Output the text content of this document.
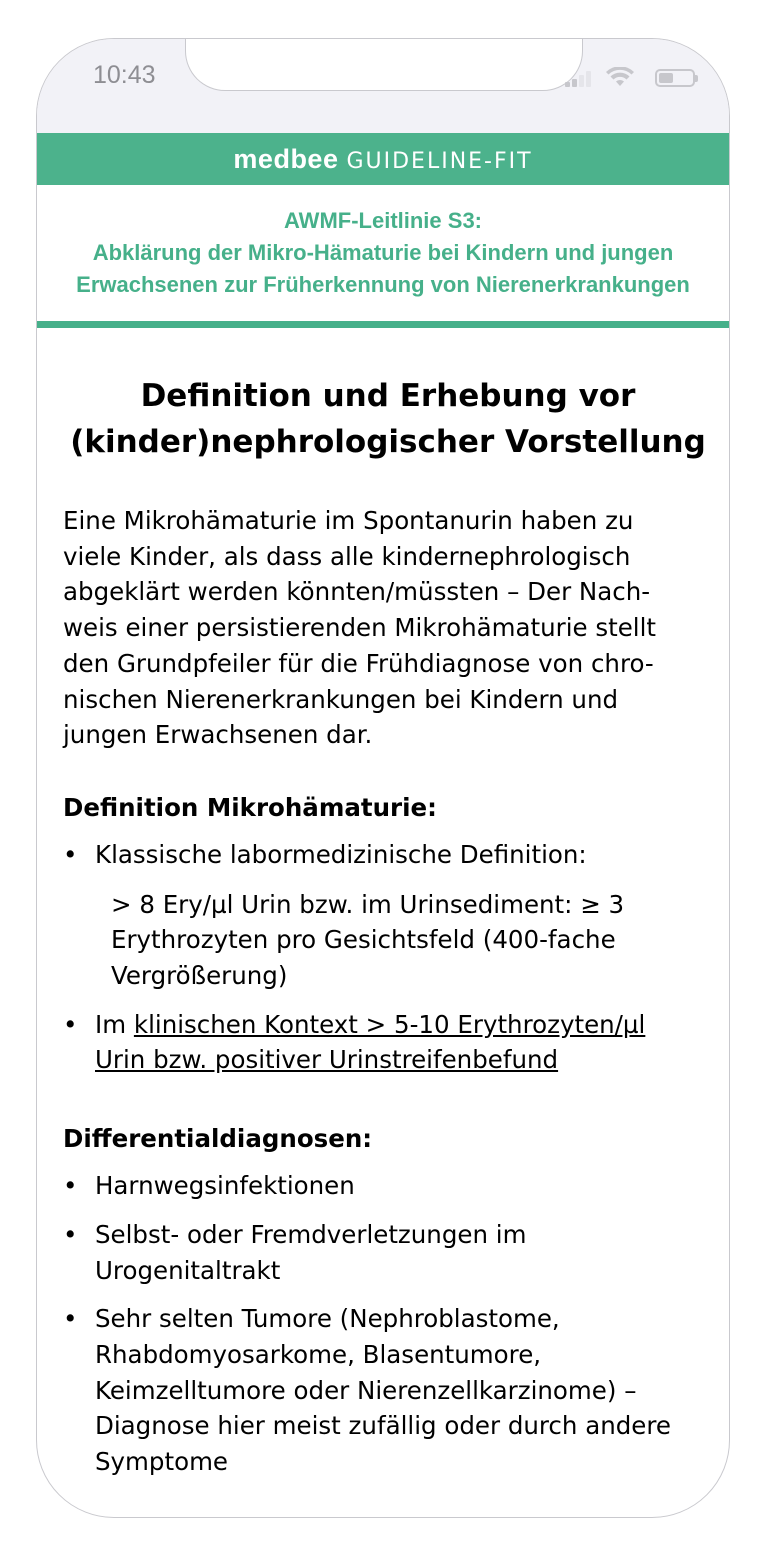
10:43
medbee GUIDELINE-FIT
AWMF-Leitlinie S3:
Abklärung der Mikro-Hämaturie bei Kindern und jungen
Erwachsenen zur Früherkennung von Nierenerkrankungen
Definition und Erhebung vor
(kinder)nephrologischer Vorstellung
Eine Mikrohämaturie im Spontanurin haben zu
viele Kinder, als dass alle kindernephrologisch
abgeklärt werden könnten/müssten – Der Nach-
weis einer persistierenden Mikrohämaturie stellt
den Grundpfeiler für die Frühdiagnose von chro-
nischen Nierenerkrankungen bei Kindern und
jungen Erwachsenen dar.
Definition Mikrohämaturie:
• Klassische labormedizinische Definition:
> 8 Ery/µl Urin bzw. im Urinsediment: ≥ 3
Erythrozyten pro Gesichtsfeld (400-fache
Vergrößerung)
• Im klinischen Kontext > 5-10 Erythrozyten/µl
Urin bzw. positiver Urinstreifenbefund
Differentialdiagnosen:
• Harnwegsinfektionen
• Selbst- oder Fremdverletzungen im
Urogenitaltrakt
• Sehr selten Tumore (Nephroblastome,
Rhabdomyosarkome, Blasentumore,
Keimzelltumore oder Nierenzellkarzinome) –
Diagnose hier meist zufällig oder durch andere
Symptome
